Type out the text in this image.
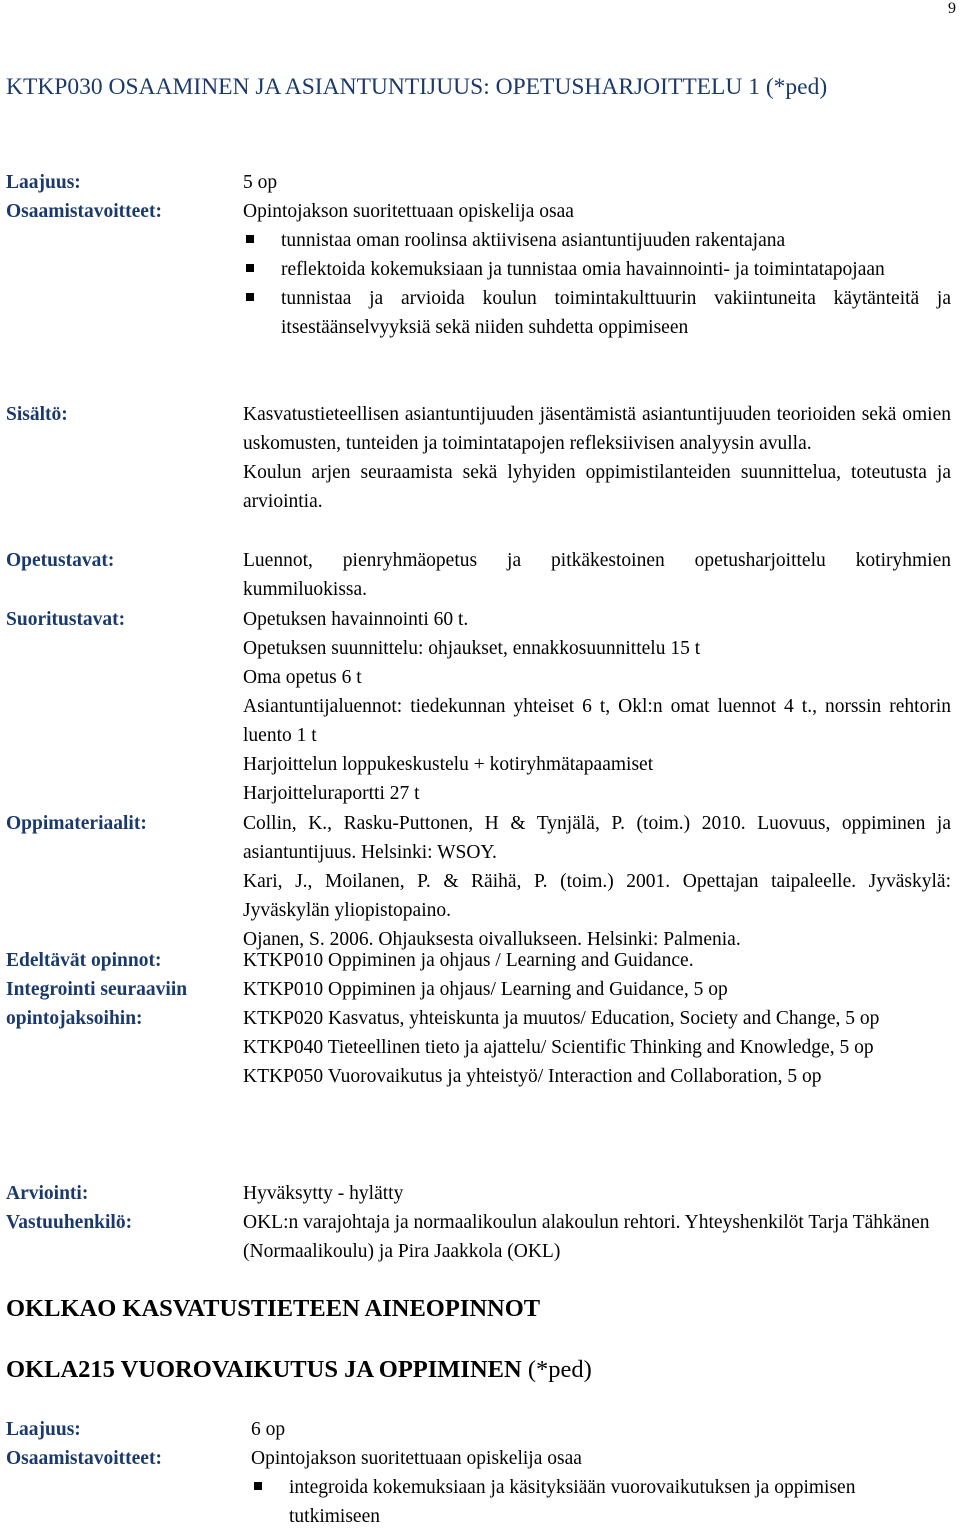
9
KTKP030 OSAAMINEN JA ASIANTUNTIJUUS: OPETUSHARJOITTELU 1 (*ped)
Laajuus:	5 op
Osaamistavoitteet:	Opintojakson suoritettuaan opiskelija osaa

tunnistaa oman roolinsa aktiivisena asiantuntijuuden rakentajana
reflektoida kokemuksiaan ja tunnistaa omia havainnointi- ja toimintatapojaan
tunnistaa ja arvioida koulun toimintakulttuurin vakiintuneita käytänteitä ja itsestäänselvyyksiä sekä niiden suhdetta oppimiseen
Sisältö:	Kasvatustieteellisen asiantuntijuuden jäsentämistä asiantuntijuuden teorioiden sekä omien uskomusten, tunteiden ja toimintatapojen refleksiivisen analyysin avulla.

Koulun arjen seuraamista sekä lyhyiden oppimistilanteiden suunnittelua, toteutusta ja arviointia.

Opetustavat:	Luennot, pienryhmäopetus ja pitkäkestoinen opetusharjoittelu kotiryhmien kummiluokissa.
Suoritustavat:	Opetuksen havainnointi 60 t.

Opetuksen suunnittelu: ohjaukset, ennakkosuunnittelu 15 t

Oma opetus 6 t

Asiantuntijaluennot: tiedekunnan yhteiset 6 t, Okl:n omat luennot 4 t., norssin rehtorin luento 1 t

Harjoittelun loppukeskustelu + kotiryhmätapaamiset

Harjoitteluraportti 27 t

Oppimateriaalit:	Collin, K., Rasku-Puttonen, H & Tynjälä, P. (toim.) 2010. Luovuus, oppiminen ja asiantuntijuus. Helsinki: WSOY.

Kari, J., Moilanen, P. & Räihä, P. (toim.) 2001. Opettajan taipaleelle. Jyväskylä: Jyväskylän yliopistopaino.

Ojanen, S. 2006. Ohjauksesta oivallukseen. Helsinki: Palmenia.

Edeltävät opinnot:	KTKP010 Oppiminen ja ohjaus / Learning and Guidance.
Integrointi seuraaviin opintojaksoihin:

KTKP010 Oppiminen ja ohjaus/ Learning and Guidance, 5 op

KTKP020 Kasvatus, yhteiskunta ja muutos/ Education, Society and Change, 5 op

KTKP040 Tieteellinen tieto ja ajattelu/ Scientific Thinking and Knowledge, 5 op

KTKP050 Vuorovaikutus ja yhteistyö/ Interaction and Collaboration, 5 op

Arviointi:	Hyväksytty - hylätty
Vastuuhenkilö:	OKL:n varajohtaja ja normaalikoulun alakoulun rehtori. Yhteyshenkilöt Tarja Tähkänen (Normaalikoulu) ja Pira Jaakkola (OKL)
OKLKAO KASVATUSTIETEEN AINEOPINNOT
OKLA215 VUOROVAIKUTUS JA OPPIMINEN (*ped)
Laajuus:	6 op
Osaamistavoitteet:	Opintojakson suoritettuaan opiskelija osaa

integroida kokemuksiaan ja käsityksiään vuorovaikutuksen ja oppimisen tutkimiseen
